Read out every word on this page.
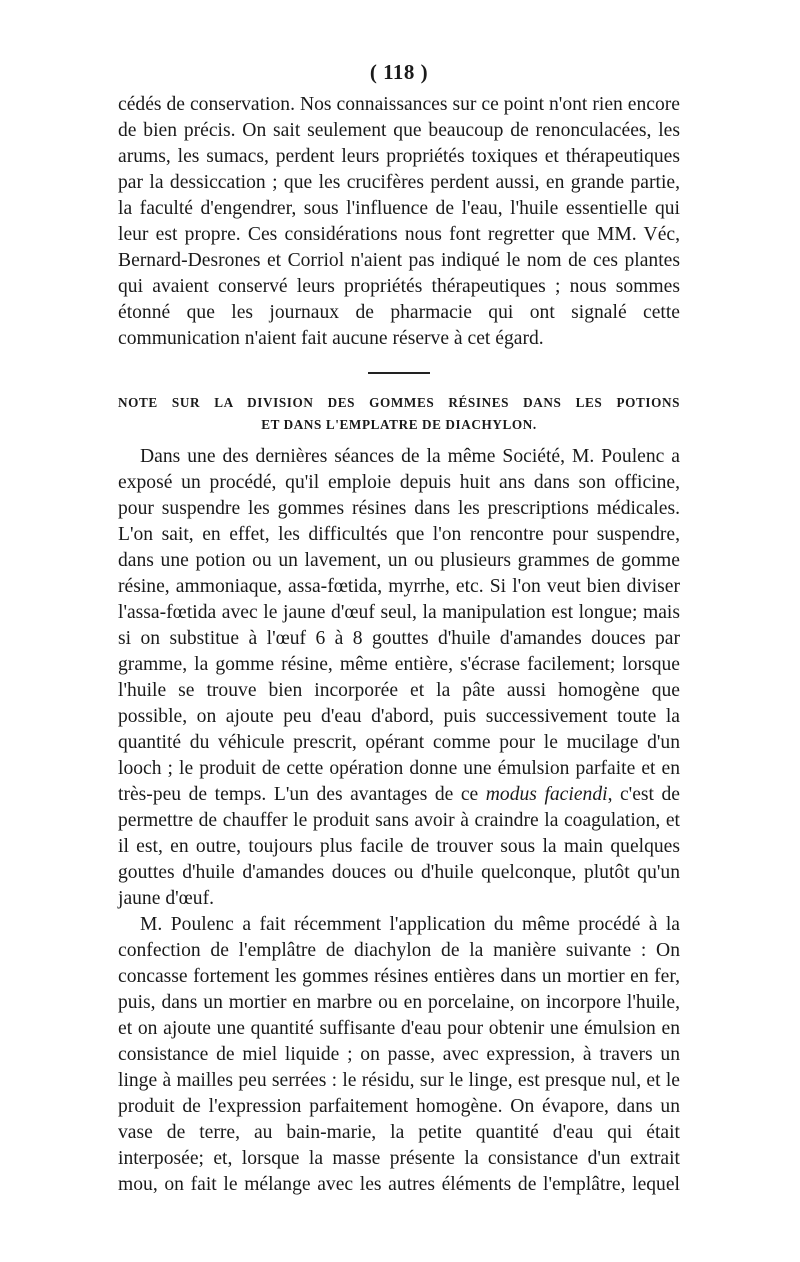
( 118 )

cédés de conservation. Nos connaissances sur ce point n'ont rien encore de bien précis. On sait seulement que beaucoup de renonculacées, les arums, les sumacs, perdent leurs propriétés toxiques et thérapeutiques par la dessiccation ; que les crucifères perdent aussi, en grande partie, la faculté d'engendrer, sous l'influence de l'eau, l'huile essentielle qui leur est propre. Ces considérations nous font regretter que MM. Véc, Bernard-Desrones et Corriol n'aient pas indiqué le nom de ces plantes qui avaient conservé leurs propriétés thérapeutiques ; nous sommes étonné que les journaux de pharmacie qui ont signalé cette communication n'aient fait aucune réserve à cet égard.

NOTE SUR LA DIVISION DES GOMMES RÉSINES DANS LES POTIONS
ET DANS L'EMPLATRE DE DIACHYLON.

Dans une des dernières séances de la même Société, M. Poulenc a exposé un procédé, qu'il emploie depuis huit ans dans son officine, pour suspendre les gommes résines dans les prescriptions médicales. L'on sait, en effet, les difficultés que l'on rencontre pour suspendre, dans une potion ou un lavement, un ou plusieurs grammes de gomme résine, ammoniaque, assa-fœtida, myrrhe, etc. Si l'on veut bien diviser l'assa-fœtida avec le jaune d'œuf seul, la manipulation est longue; mais si on substitue à l'œuf 6 à 8 gouttes d'huile d'amandes douces par gramme, la gomme résine, même entière, s'écrase facilement; lorsque l'huile se trouve bien incorporée et la pâte aussi homogène que possible, on ajoute peu d'eau d'abord, puis successivement toute la quantité du véhicule prescrit, opérant comme pour le mucilage d'un looch ; le produit de cette opération donne une émulsion parfaite et en très-peu de temps. L'un des avantages de ce modus faciendi, c'est de permettre de chauffer le produit sans avoir à craindre la coagulation, et il est, en outre, toujours plus facile de trouver sous la main quelques gouttes d'huile d'amandes douces ou d'huile quelconque, plutôt qu'un jaune d'œuf.

M. Poulenc a fait récemment l'application du même procédé à la confection de l'emplâtre de diachylon de la manière suivante : On concasse fortement les gommes résines entières dans un mortier en fer, puis, dans un mortier en marbre ou en porcelaine, on incorpore l'huile, et on ajoute une quantité suffisante d'eau pour obtenir une émulsion en consistance de miel liquide ; on passe, avec expression, à travers un linge à mailles peu serrées : le résidu, sur le linge, est presque nul, et le produit de l'expression parfaitement homogène. On évapore, dans un vase de terre, au bain-marie, la petite quantité d'eau qui était interposée; et, lorsque la masse présente la consistance d'un extrait mou, on fait le mélange avec les autres éléments de l'emplâtre, lequel
